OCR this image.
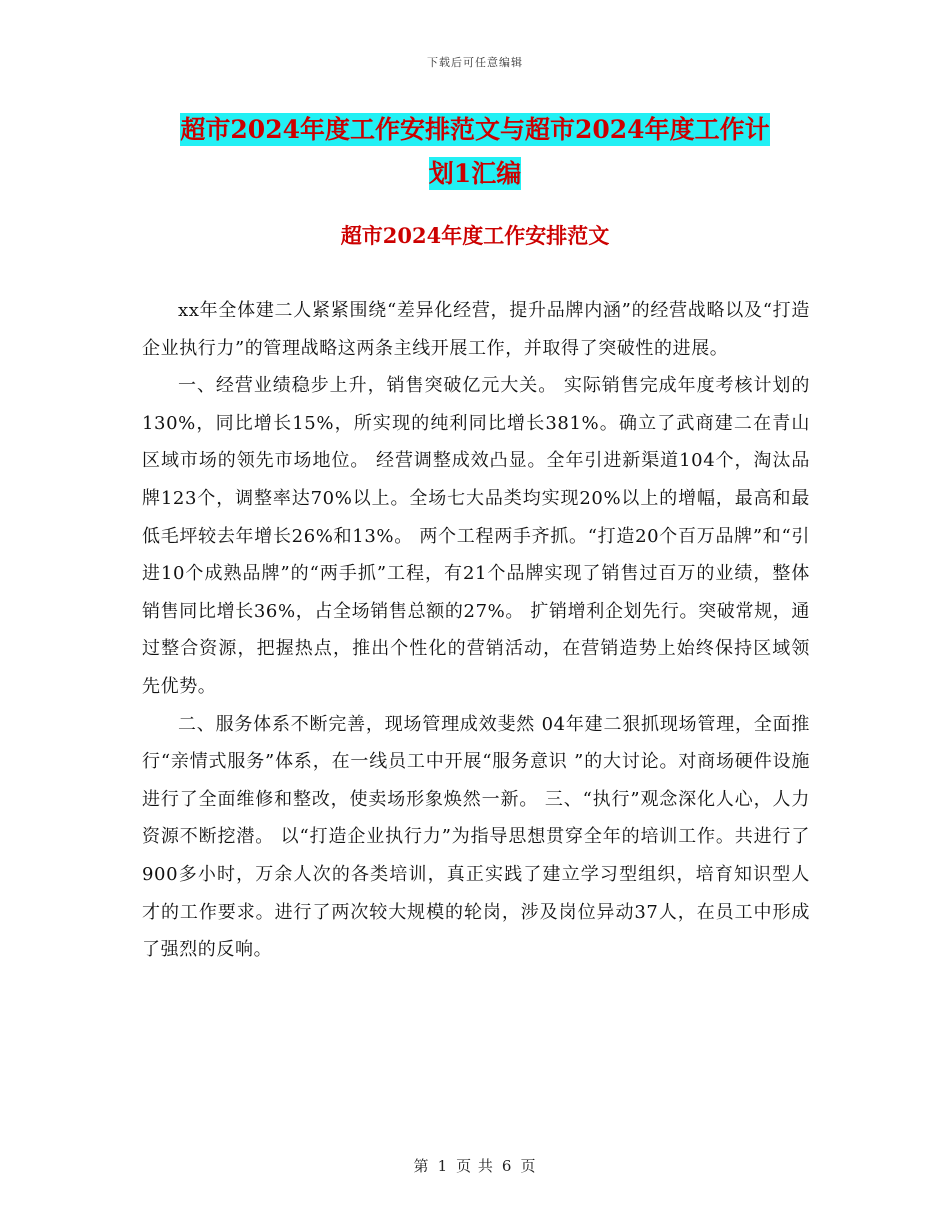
下载后可任意编辑
超市2024年度工作安排范文与超市2024年度工作计
划1汇编
超市2024年度工作安排范文

xx年全体建二人紧紧围绕“差异化经营，提升品牌内涵”的经营战略以及“打造企业执行力”的管理战略这两条主线开展工作，并取得了突破性的进展。

一、经营业绩稳步上升，销售突破亿元大关。 实际销售完成年度考核计划的130%，同比增长15%，所实现的纯利同比增长381%。确立了武商建二在青山区域市场的领先市场地位。 经营调整成效凸显。全年引进新渠道104个，淘汰品牌123个，调整率达70%以上。全场七大品类均实现20%以上的增幅，最高和最低毛坪较去年增长26%和13%。 两个工程两手齐抓。“打造20个百万品牌”和“引进10个成熟品牌”的“两手抓”工程，有21个品牌实现了销售过百万的业绩，整体销售同比增长36%，占全场销售总额的27%。 扩销增利企划先行。突破常规，通过整合资源，把握热点，推出个性化的营销活动，在营销造势上始终保持区域领先优势。

二、服务体系不断完善，现场管理成效斐然 04年建二狠抓现场管理，全面推行“亲情式服务”体系，在一线员工中开展“服务意识 ”的大讨论。对商场硬件设施进行了全面维修和整改，使卖场形象焕然一新。 三、“执行”观念深化人心，人力资源不断挖潜。 以“打造企业执行力”为指导思想贯穿全年的培训工作。共进行了900多小时，万余人次的各类培训，真正实践了建立学习型组织，培育知识型人才的工作要求。进行了两次较大规模的轮岗，涉及岗位异动37人，在员工中形成了强烈的反响。

第 1 页 共 6 页
